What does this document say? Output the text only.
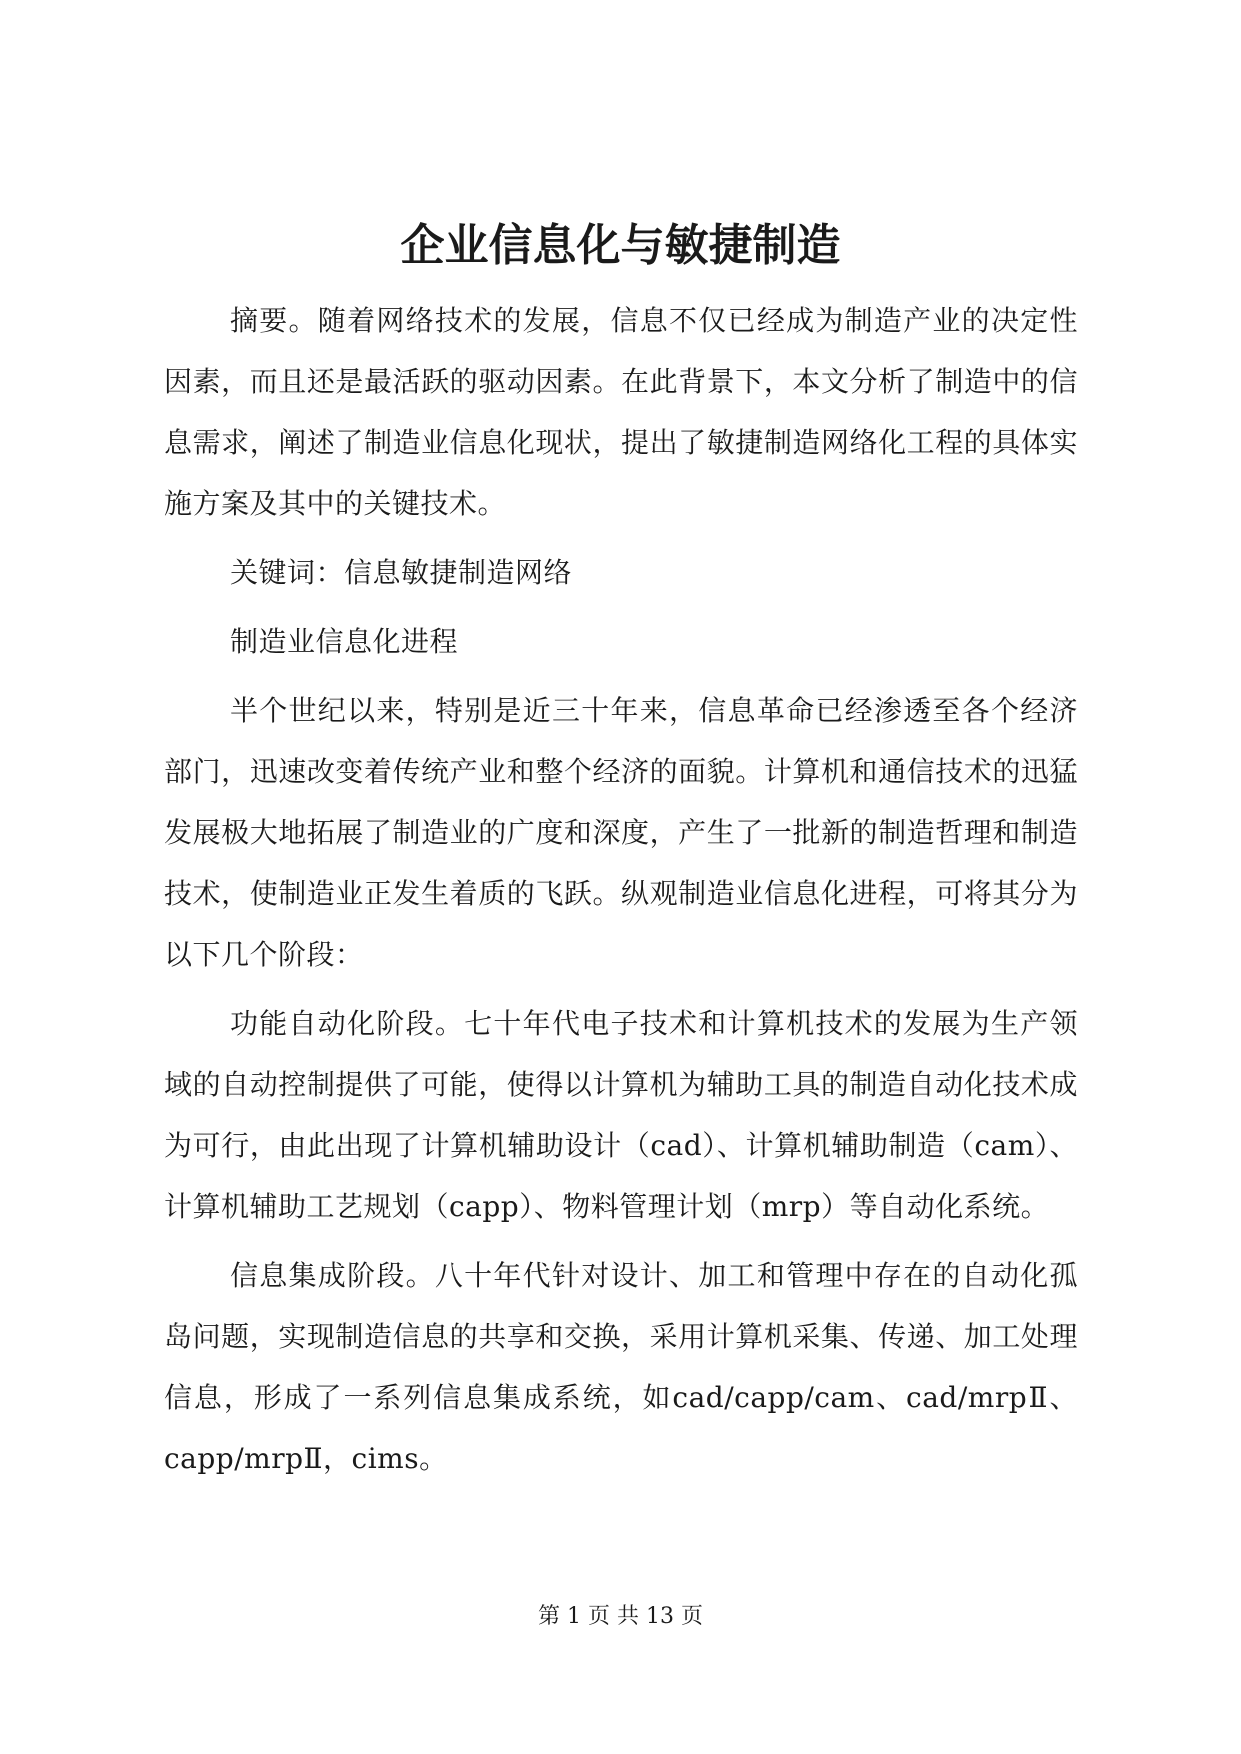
企业信息化与敏捷制造

摘要。随着网络技术的发展，信息不仅已经成为制造产业的决定性因素，而且还是最活跃的驱动因素。在此背景下，本文分析了制造中的信息需求，阐述了制造业信息化现状，提出了敏捷制造网络化工程的具体实施方案及其中的关键技术。

关键词：信息敏捷制造网络

制造业信息化进程

半个世纪以来，特别是近三十年来，信息革命已经渗透至各个经济部门，迅速改变着传统产业和整个经济的面貌。计算机和通信技术的迅猛发展极大地拓展了制造业的广度和深度，产生了一批新的制造哲理和制造技术，使制造业正发生着质的飞跃。纵观制造业信息化进程，可将其分为以下几个阶段：

功能自动化阶段。七十年代电子技术和计算机技术的发展为生产领域的自动控制提供了可能，使得以计算机为辅助工具的制造自动化技术成为可行，由此出现了计算机辅助设计（cad）、计算机辅助制造（cam）、计算机辅助工艺规划（capp）、物料管理计划（mrp）等自动化系统。

信息集成阶段。八十年代针对设计、加工和管理中存在的自动化孤岛问题，实现制造信息的共享和交换，采用计算机采集、传递、加工处理信息，形成了一系列信息集成系统，如cad/capp/cam、cad/mrpⅡ、capp/mrpⅡ，cims。

第 1 页 共 13 页
